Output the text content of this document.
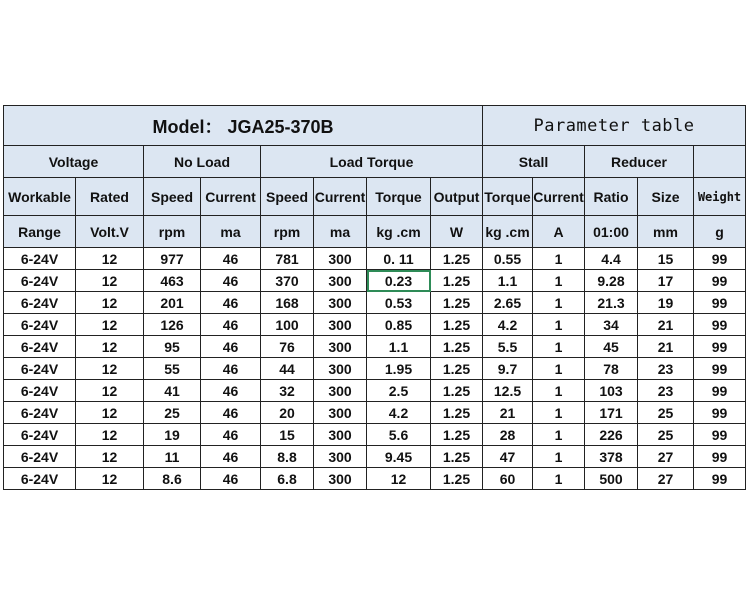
Model： JGA25-370B								Parameter table				
Voltage		No Load		Load Torque				Stall		Reducer		
Workable	Rated	Speed	Current	Speed	Current	Torque	Output	Torque	Current	Ratio	Size	Weight
Range	Volt.V	rpm	ma	rpm	ma	kg .cm	W	kg .cm	A	01:00	mm	g
6-24V	12	977	46	781	300	0. 11	1.25	0.55	1	4.4	15	99
6-24V	12	463	46	370	300	0.23	1.25	1.1	1	9.28	17	99
6-24V	12	201	46	168	300	0.53	1.25	2.65	1	21.3	19	99
6-24V	12	126	46	100	300	0.85	1.25	4.2	1	34	21	99
6-24V	12	95	46	76	300	1.1	1.25	5.5	1	45	21	99
6-24V	12	55	46	44	300	1.95	1.25	9.7	1	78	23	99
6-24V	12	41	46	32	300	2.5	1.25	12.5	1	103	23	99
6-24V	12	25	46	20	300	4.2	1.25	21	1	171	25	99
6-24V	12	19	46	15	300	5.6	1.25	28	1	226	25	99
6-24V	12	11	46	8.8	300	9.45	1.25	47	1	378	27	99
6-24V	12	8.6	46	6.8	300	12	1.25	60	1	500	27	99
